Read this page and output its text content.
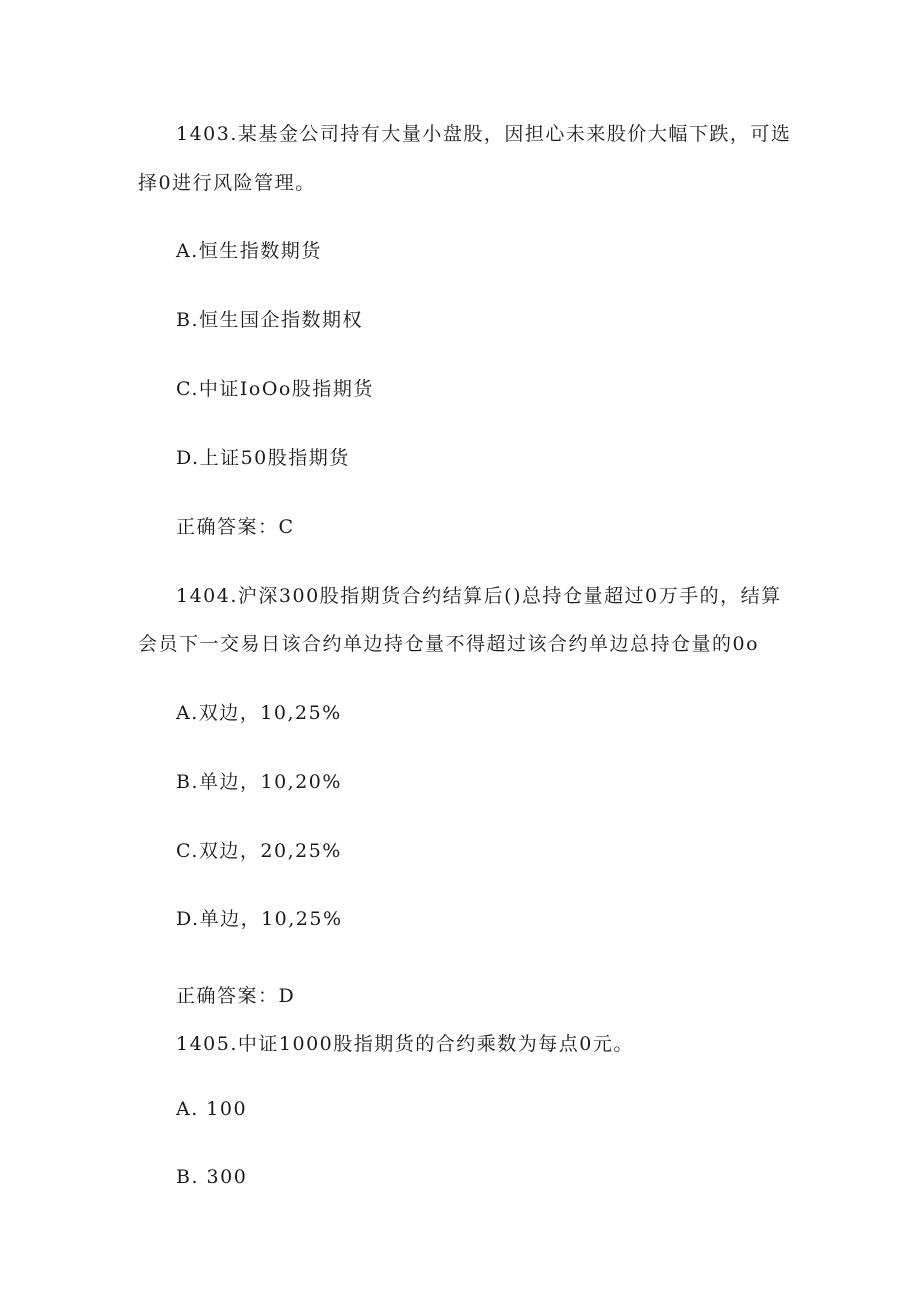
1403.某基金公司持有大量小盘股，因担心未来股价大幅下跌，可选
择0进行风险管理。
A.恒生指数期货
B.恒生国企指数期权
C.中证IoOo股指期货
D.上证50股指期货
正确答案：C
1404.沪深300股指期货合约结算后()总持仓量超过0万手的，结算
会员下一交易日该合约单边持仓量不得超过该合约单边总持仓量的0o
A.双边，10,25%
B.单边，10,20%
C.双边，20,25%
D.单边，10,25%
正确答案：D
1405.中证1000股指期货的合约乘数为每点0元。
A. 100
B. 300
